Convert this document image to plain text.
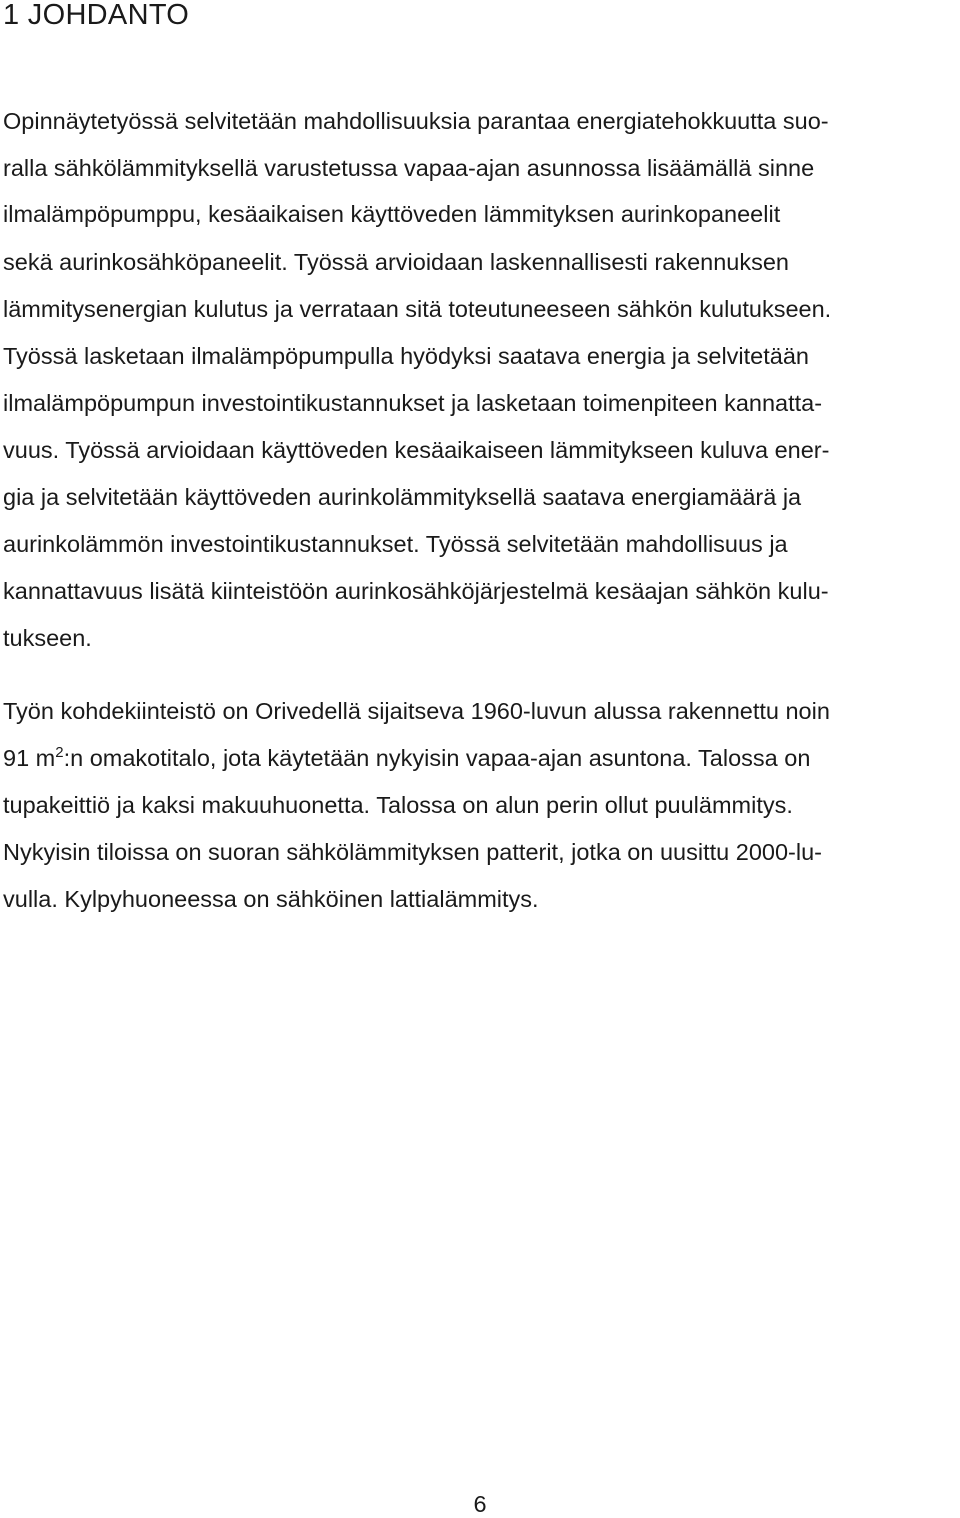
1 JOHDANTO

Opinnäytetyössä selvitetään mahdollisuuksia parantaa energiatehokkuutta suo-

ralla sähkölämmityksellä varustetussa vapaa-ajan asunnossa lisäämällä sinne

ilmalämpöpumppu, kesäaikaisen käyttöveden lämmityksen aurinkopaneelit

sekä aurinkosähköpaneelit. Työssä arvioidaan laskennallisesti rakennuksen

lämmitysenergian kulutus ja verrataan sitä toteutuneeseen sähkön kulutukseen.

Työssä lasketaan ilmalämpöpumpulla hyödyksi saatava energia ja selvitetään

ilmalämpöpumpun investointikustannukset ja lasketaan toimenpiteen kannatta-

vuus. Työssä arvioidaan käyttöveden kesäaikaiseen lämmitykseen kuluva ener-

gia ja selvitetään käyttöveden aurinkolämmityksellä saatava energiamäärä ja

aurinkolämmön investointikustannukset. Työssä selvitetään mahdollisuus ja

kannattavuus lisätä kiinteistöön aurinkosähköjärjestelmä kesäajan sähkön kulu-

tukseen.

Työn kohdekiinteistö on Orivedellä sijaitseva 1960-luvun alussa rakennettu noin

91 $m^2:n$ omakotitalo, jota käytetään nykyisin vapaa-ajan asuntona. Talossa on

tupakeittiö ja kaksi makuuhuonetta. Talossa on alun perin ollut puulämmitys.

Nykyisin tiloissa on suoran sähkölämmityksen patterit, jotka on uusittu 2000-lu-

vulla. Kylpyhuoneessa on sähköinen lattialämmitys.

6
